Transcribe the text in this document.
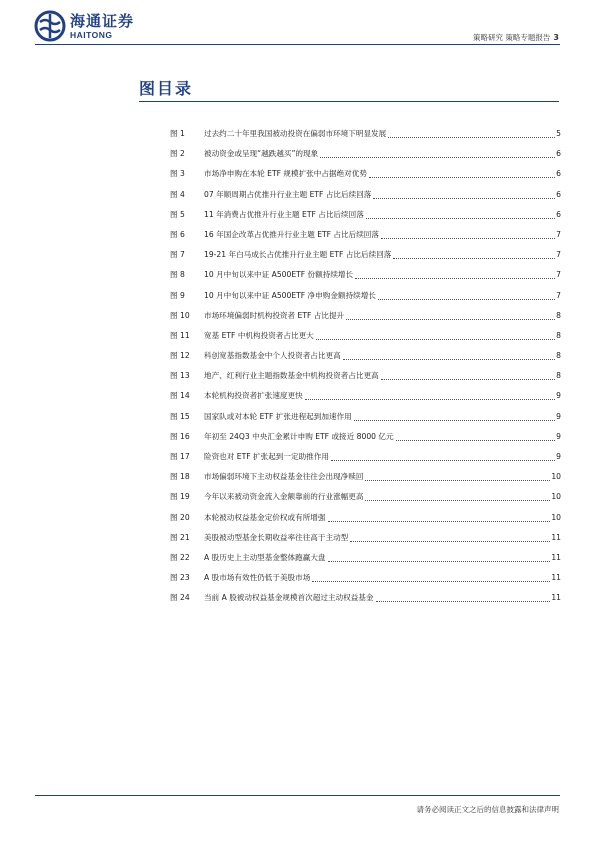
海通证券
HAITONG	策略研究 策略专题报告 3
图目录
图 1	过去约二十年里我国被动投资在偏弱市环境下明显发展	5
图 2	被动资金或呈现“越跌越买”的现象	6
图 3	市场净申购在本轮 ETF 规模扩张中占据绝对优势	6
图 4	07 年顺周期占优推升行业主题 ETF 占比后续回落	6
图 5	11 年消费占优推升行业主题 ETF 占比后续回落	6
图 6	16 年国企改革占优推升行业主题 ETF 占比后续回落	7
图 7	19-21 年白马成长占优推升行业主题 ETF 占比后续回落	7
图 8	10 月中旬以来中证 A500ETF 份额持续增长	7
图 9	10 月中旬以来中证 A500ETF 净申购金额持续增长	7
图 10	市场环境偏弱时机构投资者 ETF 占比提升	8
图 11	宽基 ETF 中机构投资者占比更大	8
图 12	科创宽基指数基金中个人投资者占比更高	8
图 13	地产、红利行业主题指数基金中机构投资者占比更高	8
图 14	本轮机构投资者扩张速度更快	9
图 15	国家队或对本轮 ETF 扩张进程起到加速作用	9
图 16	年初至 24Q3 中央汇金累计申购 ETF 或接近 8000 亿元	9
图 17	险资也对 ETF 扩张起到一定助推作用	9
图 18	市场偏弱环境下主动权益基金往往会出现净赎回	10
图 19	今年以来被动资金流入金额靠前的行业涨幅更高	10
图 20	本轮被动权益基金定价权或有所增强	10
图 21	美股被动型基金长期收益率往往高于主动型	11
图 22	A 股历史上主动型基金整体跑赢大盘	11
图 23	A 股市场有效性仍低于美股市场	11
图 24	当前 A 股被动权益基金规模首次超过主动权益基金	11
请务必阅读正文之后的信息披露和法律声明
